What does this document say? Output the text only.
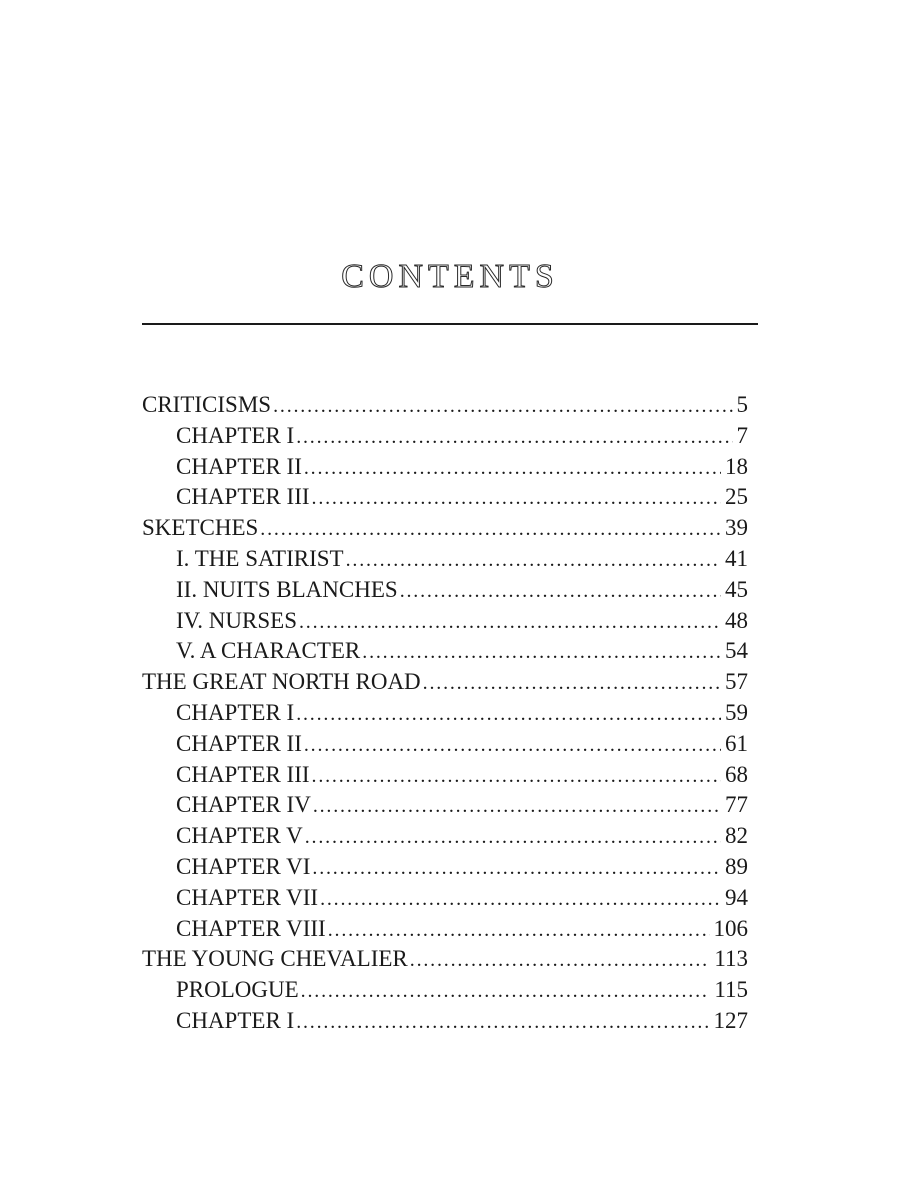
CONTENTS
CRITICISMS . . .	5
CHAPTER I . . .	7
CHAPTER II . . .	18
CHAPTER III . . .	25
SKETCHES . . .	39
I. THE SATIRIST . . .	41
II. NUITS BLANCHES . . .	45
IV. NURSES . . .	48
V. A CHARACTER . . .	54
THE GREAT NORTH ROAD . . .	57
CHAPTER I . . .	59
CHAPTER II . . .	61
CHAPTER III . . .	68
CHAPTER IV . . .	77
CHAPTER V . . .	82
CHAPTER VI . . .	89
CHAPTER VII . . .	94
CHAPTER VIII . . .	106
THE YOUNG CHEVALIER . . .	113
PROLOGUE . . .	115
CHAPTER I . . .	127
